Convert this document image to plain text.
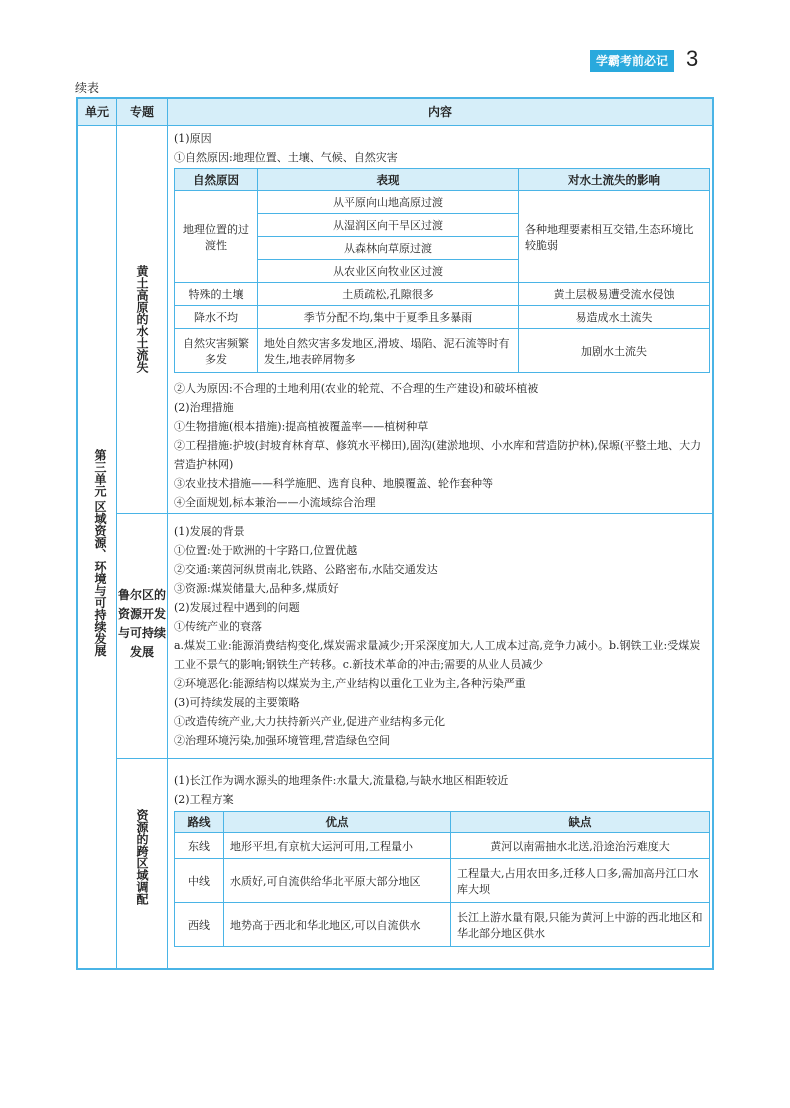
学霸考前必记 3
续表
单元	专题	内容
第三单元 区域资源、环境与可持续发展
黄土高原的水土流失
(1)原因
①自然原因:地理位置、土壤、气候、自然灾害
自然原因	表现	对水土流失的影响
地理位置的过渡性	从平原向山地高原过渡	各种地理要素相互交错,生态环境比较脆弱
	从湿润区向干旱区过渡	
	从森林向草原过渡	
	从农业区向牧业区过渡	
特殊的土壤	土质疏松,孔隙很多	黄土层极易遭受流水侵蚀
降水不均	季节分配不均,集中于夏季且多暴雨	易造成水土流失
自然灾害频繁多发	地处自然灾害多发地区,滑坡、塌陷、泥石流等时有发生,地表碎屑物多	加剧水土流失
②人为原因:不合理的土地利用(农业的轮荒、不合理的生产建设)和破坏植被
(2)治理措施
①生物措施(根本措施):提高植被覆盖率——植树种草
②工程措施:护坡(封坡育林育草、修筑水平梯田),固沟(建淤地坝、小水库和营造防护林),保塬(平整土地、大力营造护林网)
③农业技术措施——科学施肥、选育良种、地膜覆盖、轮作套种等
④全面规划,标本兼治——小流域综合治理
鲁尔区的资源开发与可持续发展
(1)发展的背景
①位置:处于欧洲的十字路口,位置优越
②交通:莱茵河纵贯南北,铁路、公路密布,水陆交通发达
③资源:煤炭储量大,品种多,煤质好
(2)发展过程中遇到的问题
①传统产业的衰落
a.煤炭工业:能源消费结构变化,煤炭需求量减少;开采深度加大,人工成本过高,竞争力减小。b.钢铁工业:受煤炭工业不景气的影响;钢铁生产转移。c.新技术革命的冲击;需要的从业人员减少
②环境恶化:能源结构以煤炭为主,产业结构以重化工业为主,各种污染严重
(3)可持续发展的主要策略
①改造传统产业,大力扶持新兴产业,促进产业结构多元化
②治理环境污染,加强环境管理,营造绿色空间
资源的跨区域调配
(1)长江作为调水源头的地理条件:水量大,流量稳,与缺水地区相距较近
(2)工程方案
路线	优点	缺点
东线	地形平坦,有京杭大运河可用,工程量小	黄河以南需抽水北送,沿途治污难度大
中线	水质好,可自流供给华北平原大部分地区	工程量大,占用农田多,迁移人口多,需加高丹江口水库大坝
西线	地势高于西北和华北地区,可以自流供水	长江上游水量有限,只能为黄河上中游的西北地区和华北部分地区供水
